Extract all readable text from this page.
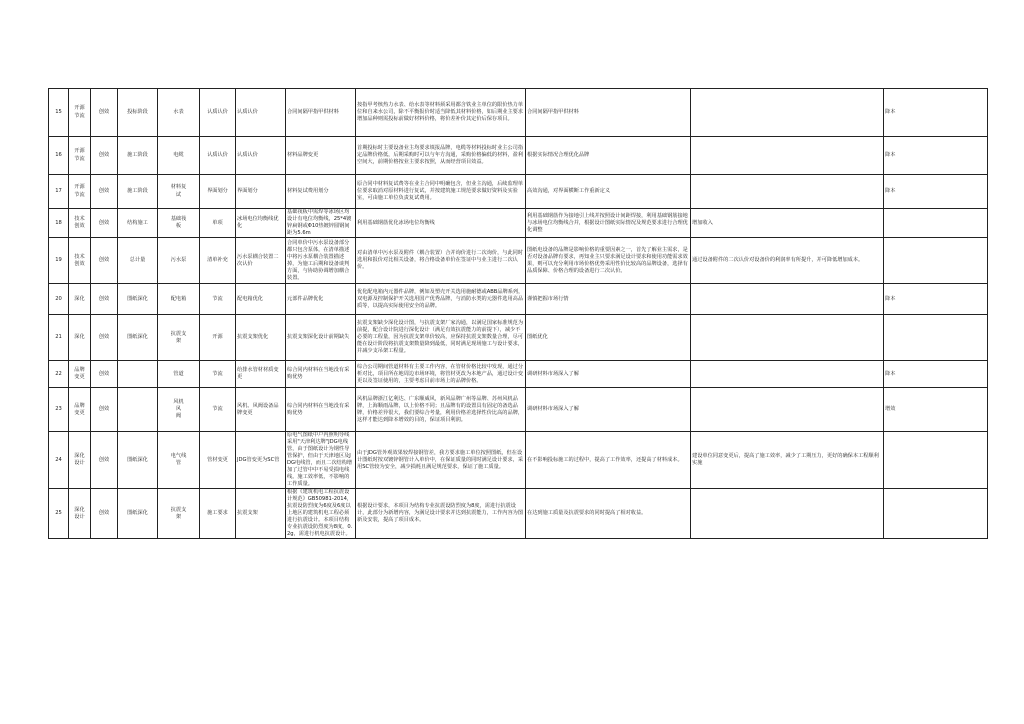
15	开源
节流	创效	投标阶段	水表	认质认价	认质认价	合同间隔甲指甲供材料	按指甲考核热力水表、给水表等材料须采用都含铁业主单位的限价热力单位和自来水公司，除不平衡报价时适当降低其材料价格，如后期业主要求增加品种则需投标前做好材料价格，将价差补价其定价后保存项目。	合同间隔甲指甲供材料		降本
16	开源
节流	创效	施工阶段	电缆	认质认价	认质认价	材料品牌变更	首期投标时主要设备业主均要求填报品牌，电缆等材料投标时业主公司指定品牌价格低，后期采购时可以与年方沟通，采购价格偏低的材料，盈利空间大，前期价格按业主要求按照，从而经营项目效益。	根据实际情况合理优化品牌		降本
17	开源
节流	创效	施工阶段	材料复
试	界面划分	界面划分	材料复试费用划分	原合同中材料复试费等在业主合同中明确包含，但业主沟通，后续监理单位要求取消对原材料进行复试，并按建筑施工规范要求做好资料及实验室，可由施工单位负责复试费用。	高效沟通，对界面横断工作重新定义		降本
18	技术
创效	创效	结构施工	基础筏
板	单项	冰场电位均衡线优
化	基础筏板中需焊等冰场区均设计有电位均衡线，25*4镀锌扁钢或Φ10热镀锌圆钢间距为5.6m	利用基础钢筋优化冰场电位均衡线	利用基础钢筋作为接地引上线并按照设计间距焊接，利用基础钢筋接地与冰场电位均衡线合并，根据设计图纸实际情况及规范要求进行合理优化调整	增加收入	
19	技术
创效	创效	总计量	污水泵	清单补充	污水泵耦合装置二
次认价	合同单价中污水泵设备部分都只包含泵体，在清单描述中将污水泵耦合装置描述掉，为施工后期和设备谈判方面，与协助协调增加耦合装置。	对由清单中污水泵及附件（耦合装置）合并询价进行二次询价，与此同时选用和报价对比相关设备，将合格设备单价在签证中与业主进行二次认价。	图纸电设备的品牌是影响价格的重要因素之一，首先了解业主需求，是否对设备品牌有要求，再知业主只要求满足设计要求和使用功能需求效果，则可以充分利用市场价格优势采用性价比较高的品牌设备，选择有品质保障、价格合理的设备进行二次认价。	通过设备附件的二次认价对设备价的利润率有所提升，并可降低增加成本。	
20	深化	创效	图纸深化	配电箱	节流	配电箱优化	元部件品牌优化	优化配电箱内元器件品牌，例如及塑壳开关选用施耐德或ABB品牌系列，双电源及控制保护开关选用国产优秀品牌，与消防水类的元器件选用高品质等，以提高实际使用安全的品牌。	谨慎把握市场行情		降本
21	深化	创效	图纸深化	抗震支
架	开源	抗震支架优化	抗震支架深化设计前期缺失	抗震支架缺少深化设计图，与抗震支架厂家沟通，以满足国家标准规范为前提，配合设计院进行深化设计（满足有效抗震能力的前提下），减少不必要的工程量，因为抗震支架单价较高，应保持抗震支架数量合理，尽可能在设计阶段将抗震支架数量降到最低，同时满足现场施工与设计要求，并减少支吊架工程量。	图纸优化		
22	品牌
变更	创效		管道	节流	给排水管材材质变
更	综合同内材料在当地没有采购优势	综合公司期间管道材料有主要工作内容，在管材价格比较中发现，通过分析对比，项目所在地周边市场环境，将管材更改为本地产品，通过设计变更以及签证使用的，主要考虑目前市场上的品牌价格。	调研材料市场深入了解		降本
23	品牌
变更	创效		风机
风
阀	节流	风机、风阀设备品
牌变更	综合同内材料在当地没有采购优势	风机品牌浙江亿利达、广东顺威风，新风品牌广州等品牌、苏州风机品牌，上海顺雨品牌，以上价格不同；且品牌有的设置具有固定的备选品牌，价格差异很大，我们要综合考量，利用价格差选择性价比高的品牌，这样才能达到降本增效的目的，保证项目利润。	调研材料市场深入了解		增效
24	深化
设计	创效	图纸深化	电气线
管	管材变更	JDG管变更为SC管	原电气图纸中户内照明导线采用"天津利达牌"JDG电线管，由于图纸设计为钢性导管保护，但由于天津地区及JDG电线管，而且二次结构增加了过管中中不易受损电线线。施工效率低，不影响的工作质量。	由于JDG管外观效果较焊接钢管差，我方要求施工单位按照图纸，但在设计图纸时按双镀锌钢管计入单价中，在保证质量的同时满足设计要求，采用SC管较为安全，减少损耗且满足规范要求，保证了施工质量。	在不影响投标施工的过程中，提高了工作效率，还提高了材料成本。	建设单位同意变更后，提高了施工效率，减少了工期压力，更好的确保本工程顺利实施	
25	深化
设计	创效	图纸深化	抗震支
架	施工要求	抗震支架	根据《建筑机电工程抗震设计规范》GB50981-2014，抗震设防烈度为6度及6度以上地区的建筑机电工程必须进行抗震设计。本项目结构专业抗震设防烈度为8度，0.2g，需进行机电抗震设计。	根据设计要求，本项目为结构专业抗震设防烈度为8度，需进行抗震设计，此部分为新增内容，为满足设计要求并达到抗震能力，工作内容为图新及安装，提高了项目成本。	在达到施工质量及抗震要求的同时提高了相对收益。		
